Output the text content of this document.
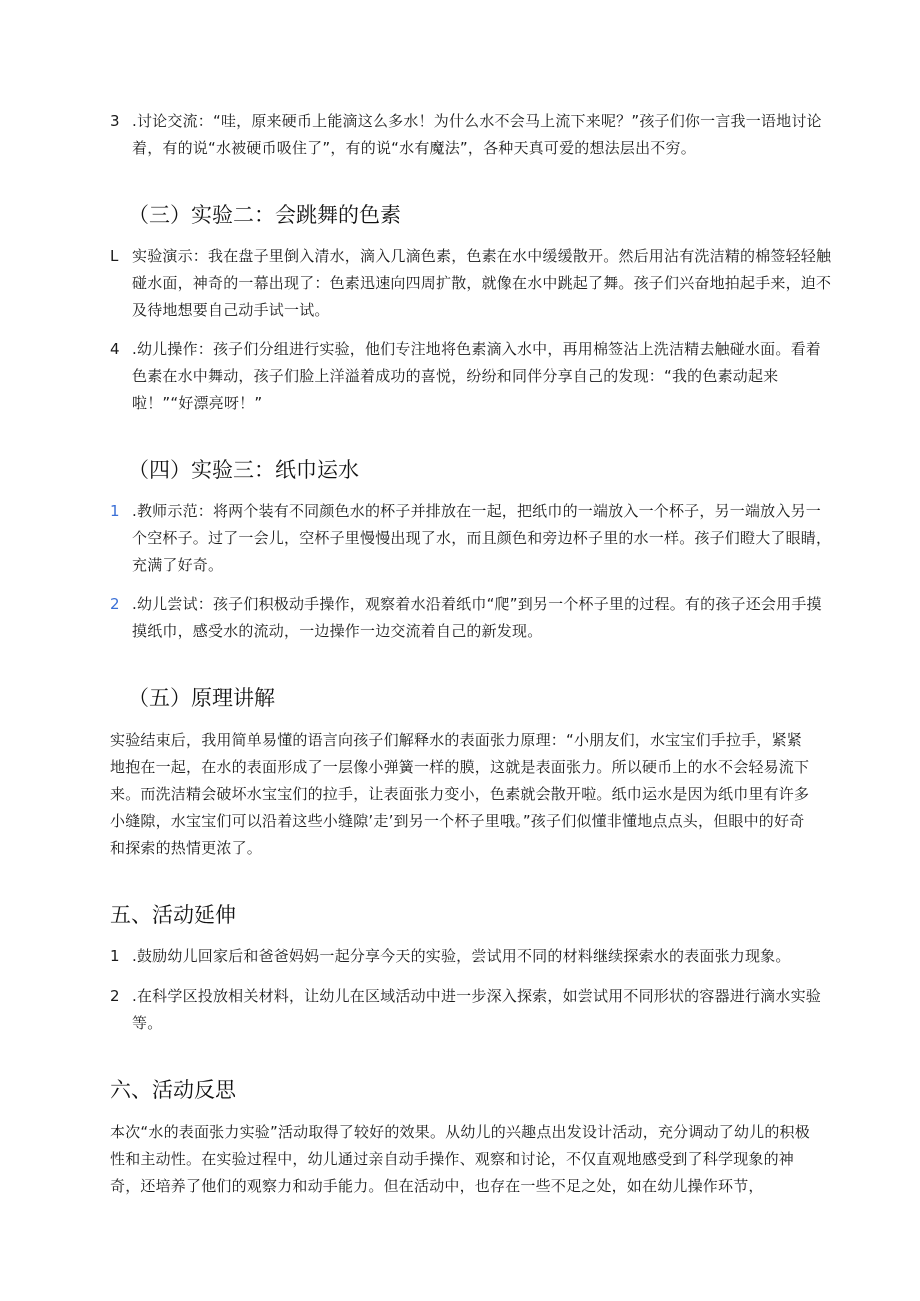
3 .讨论交流：“哇，原来硬币上能滴这么多水！为什么水不会马上流下来呢？”孩子们你一言我一语地讨论着，有的说“水被硬币吸住了”，有的说“水有魔法”，各种天真可爱的想法层出不穷。

（三）实验二：会跳舞的色素

L 实验演示：我在盘子里倒入清水，滴入几滴色素，色素在水中缓缓散开。然后用沾有洗洁精的棉签轻轻触碰水面，神奇的一幕出现了：色素迅速向四周扩散，就像在水中跳起了舞。孩子们兴奋地拍起手来，迫不及待地想要自己动手试一试。

4 .幼儿操作：孩子们分组进行实验，他们专注地将色素滴入水中，再用棉签沾上洗洁精去触碰水面。看着色素在水中舞动，孩子们脸上洋溢着成功的喜悦，纷纷和同伴分享自己的发现：“我的色素动起来啦！”“好漂亮呀！”

（四）实验三：纸巾运水

1 .教师示范：将两个装有不同颜色水的杯子并排放在一起，把纸巾的一端放入一个杯子，另一端放入另一个空杯子。过了一会儿，空杯子里慢慢出现了水，而且颜色和旁边杯子里的水一样。孩子们瞪大了眼睛，充满了好奇。

2 .幼儿尝试：孩子们积极动手操作，观察着水沿着纸巾“爬”到另一个杯子里的过程。有的孩子还会用手摸摸纸巾，感受水的流动，一边操作一边交流着自己的新发现。

（五）原理讲解

实验结束后，我用简单易懂的语言向孩子们解释水的表面张力原理：“小朋友们，水宝宝们手拉手，紧紧地抱在一起，在水的表面形成了一层像小弹簧一样的膜，这就是表面张力。所以硬币上的水不会轻易流下来。而洗洁精会破坏水宝宝们的拉手，让表面张力变小，色素就会散开啦。纸巾运水是因为纸巾里有许多小缝隙，水宝宝们可以沿着这些小缝隙’走’到另一个杯子里哦。”孩子们似懂非懂地点点头，但眼中的好奇和探索的热情更浓了。

五、活动延伸

1 .鼓励幼儿回家后和爸爸妈妈一起分享今天的实验，尝试用不同的材料继续探索水的表面张力现象。

2 .在科学区投放相关材料，让幼儿在区域活动中进一步深入探索，如尝试用不同形状的容器进行滴水实验等。

六、活动反思

本次“水的表面张力实验”活动取得了较好的效果。从幼儿的兴趣点出发设计活动，充分调动了幼儿的积极性和主动性。在实验过程中，幼儿通过亲自动手操作、观察和讨论，不仅直观地感受到了科学现象的神奇，还培养了他们的观察力和动手能力。但在活动中，也存在一些不足之处，如在幼儿操作环节，
